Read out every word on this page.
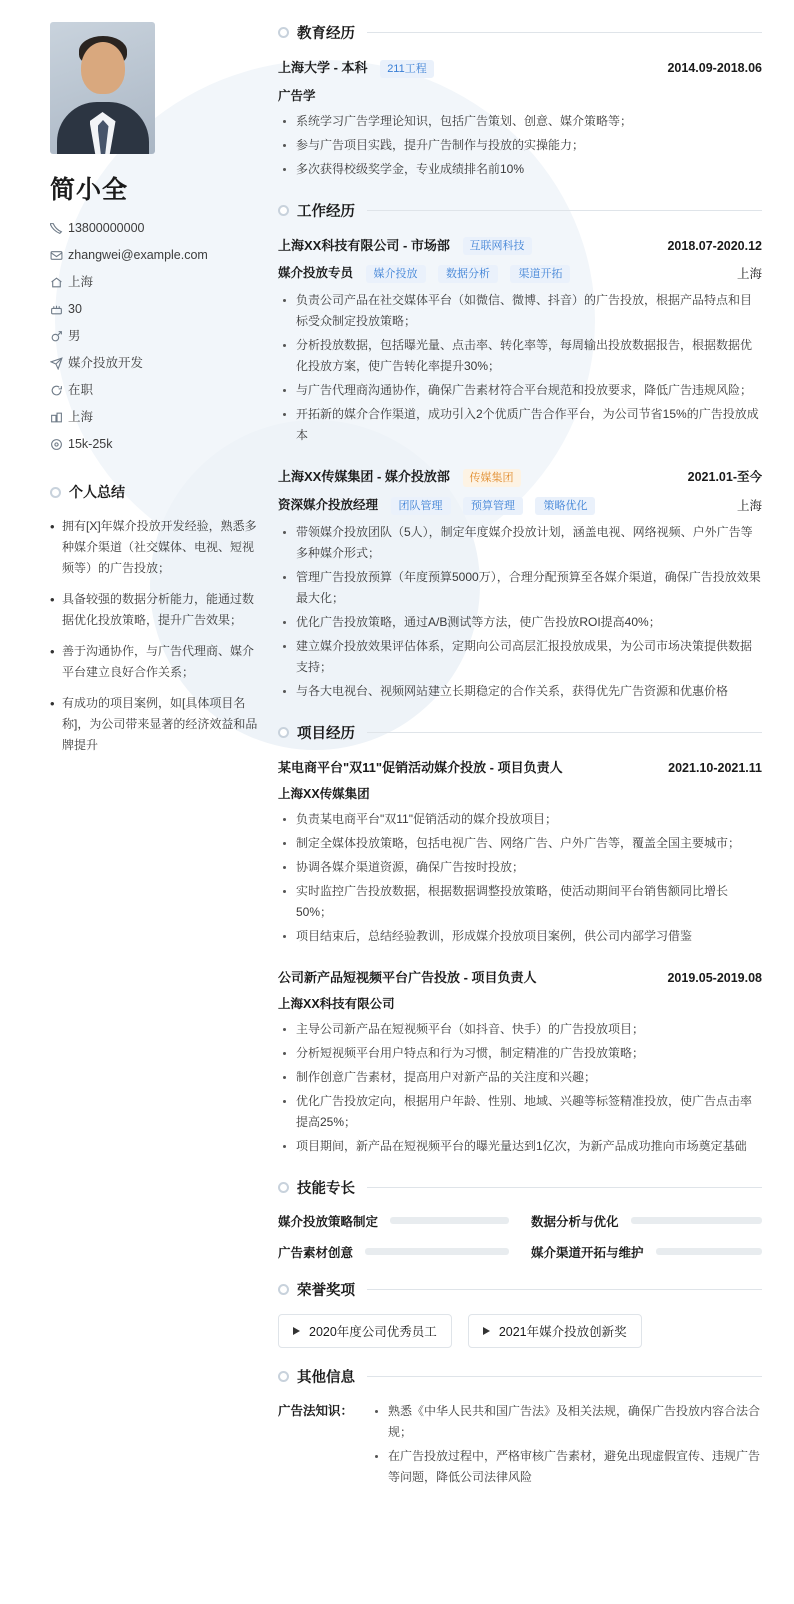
简小全
13800000000
zhangwei@example.com
上海
30
男
媒介投放开发
在职
上海
15k-25k
个人总结
• 拥有[X]年媒介投放开发经验，熟悉多种媒介渠道（社交媒体、电视、短视频等）的广告投放；
• 具备较强的数据分析能力，能通过数据优化投放策略，提升广告效果；
• 善于沟通协作，与广告代理商、媒介平台建立良好合作关系；
• 有成功的项目案例，如[具体项目名称]，为公司带来显著的经济效益和品牌提升
教育经历
上海大学 - 本科 211工程	2014.09-2018.06
广告学
系统学习广告学理论知识，包括广告策划、创意、媒介策略等；
参与广告项目实践，提升广告制作与投放的实操能力；
多次获得校级奖学金，专业成绩排名前10%
工作经历
上海XX科技有限公司 - 市场部 互联网科技	2018.07-2020.12
媒介投放专员 媒介投放	数据分析	渠道开拓	上海
负责公司产品在社交媒体平台（如微信、微博、抖音）的广告投放，根据产品特点和目标受众制定投放策略；
分析投放数据，包括曝光量、点击率、转化率等，每周输出投放数据报告，根据数据优化投放方案，使广告转化率提升30%；
与广告代理商沟通协作，确保广告素材符合平台规范和投放要求，降低广告违规风险；
开拓新的媒介合作渠道，成功引入2个优质广告合作平台，为公司节省15%的广告投放成本
上海XX传媒集团 - 媒介投放部 传媒集团	2021.01-至今
资深媒介投放经理 团队管理	预算管理	策略优化	上海
带领媒介投放团队（5人），制定年度媒介投放计划，涵盖电视、网络视频、户外广告等多种媒介形式；
管理广告投放预算（年度预算5000万），合理分配预算至各媒介渠道，确保广告投放效果最大化；
优化广告投放策略，通过A/B测试等方法，使广告投放ROI提高40%；
建立媒介投放效果评估体系，定期向公司高层汇报投放成果，为公司市场决策提供数据支持；
与各大电视台、视频网站建立长期稳定的合作关系，获得优先广告资源和优惠价格
项目经历
某电商平台"双11"促销活动媒介投放 - 项目负责人	2021.10-2021.11
上海XX传媒集团
负责某电商平台"双11"促销活动的媒介投放项目；
制定全媒体投放策略，包括电视广告、网络广告、户外广告等，覆盖全国主要城市；
协调各媒介渠道资源，确保广告按时投放；
实时监控广告投放数据，根据数据调整投放策略，使活动期间平台销售额同比增长50%；
项目结束后，总结经验教训，形成媒介投放项目案例，供公司内部学习借鉴
公司新产品短视频平台广告投放 - 项目负责人	2019.05-2019.08
上海XX科技有限公司
主导公司新产品在短视频平台（如抖音、快手）的广告投放项目；
分析短视频平台用户特点和行为习惯，制定精准的广告投放策略；
制作创意广告素材，提高用户对新产品的关注度和兴趣；
优化广告投放定向，根据用户年龄、性别、地域、兴趣等标签精准投放，使广告点击率提高25%；
项目期间，新产品在短视频平台的曝光量达到1亿次，为新产品成功推向市场奠定基础
技能专长
媒介投放策略制定	数据分析与优化
广告素材创意	媒介渠道开拓与维护
荣誉奖项
2020年度公司优秀员工	2021年媒介投放创新奖
其他信息
广告法知识：	熟悉《中华人民共和国广告法》及相关法规，确保广告投放内容合法合规；
在广告投放过程中，严格审核广告素材，避免出现虚假宣传、违规广告等问题，降低公司法律风险
